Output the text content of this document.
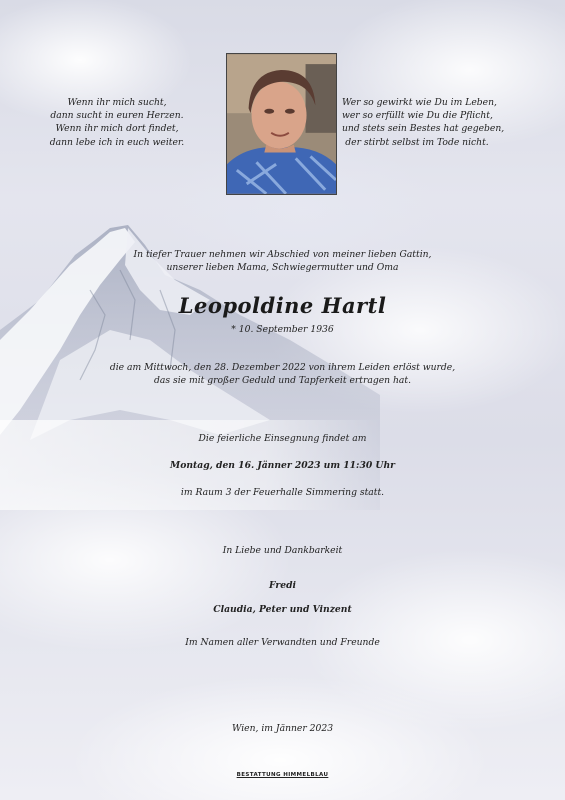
Wenn ihr mich sucht,
dann sucht in euren Herzen.
Wenn ihr mich dort findet,
dann lebe ich in euch weiter.
Wer so gewirkt wie Du im Leben,
wer so erfüllt wie Du die Pflicht,
und stets sein Bestes hat gegeben,
der stirbt selbst im Tode nicht.
In tiefer Trauer nehmen wir Abschied von meiner lieben Gattin,
unserer lieben Mama, Schwiegermutter und Oma
Leopoldine Hartl
* 10. September 1936
die am Mittwoch, den 28. Dezember 2022 von ihrem Leiden erlöst wurde,
das sie mit großer Geduld und Tapferkeit ertragen hat.
Die feierliche Einsegnung findet am
Montag, den 16. Jänner 2023 um 11:30 Uhr
im Raum 3 der Feuerhalle Simmering statt.
In Liebe und Dankbarkeit
Fredi
Claudia, Peter und Vinzent
Im Namen aller Verwandten und Freunde
Wien, im Jänner 2023
BESTATTUNG HIMMELBLAU
